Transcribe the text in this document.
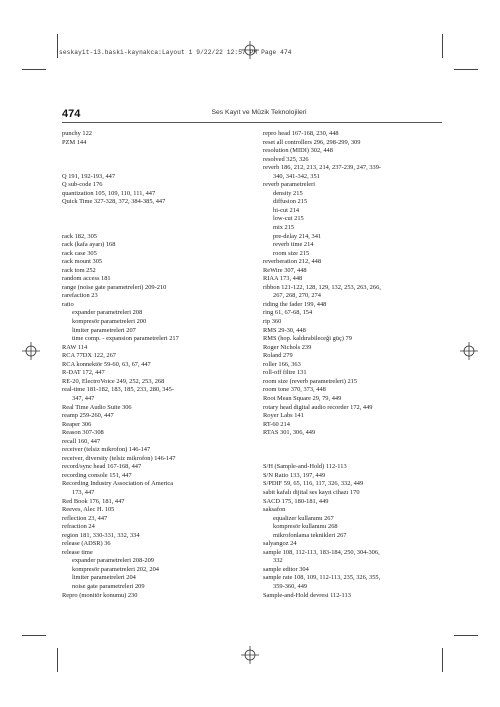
seskayit-13.baski-kaynakca:Layout 1 9/22/22 12:57 PM Page 474
474	Ses Kayıt ve Müzik Teknolojileri

punchy 122

PZM 144

Q 191, 192-193, 447

Q sub-code 176

quantization 105, 109, 110, 111, 447

Quick Time 327-328, 372, 384-385, 447

rack 182, 305

rack (kafa ayarı) 168

rack case 305

rack mount 305

rack tom 252

random access 181

range (noise gate parametreleri) 209-210

rarefaction 23

ratio

expander parametreleri 208

kompresör parametreleri 200

limiter parametreleri 207

time comp. - expansion parametreleri 217

RAW 114

RCA 77DX 122, 267

RCA konnektör 59-60, 63, 67, 447

R-DAT 172, 447

RE-20, ElectroVoice 249, 252, 253, 268

real-time 181-182, 183, 185, 233, 280, 345-

347, 447

Real Time Audio Suite 306

reamp 259-260, 447

Reaper 306

Reason 307-308

recall 160, 447

receiver (telsiz mikrofon) 146-147

receiver, diversity (telsiz mikrofon) 146-147

record/sync head 167-168, 447

recording console 151, 447

Recording Industry Association of America

173, 447

Red Book 176, 181, 447

Reeves, Alec H. 105

reflection 23, 447

refraction 24

region 181, 330-331, 332, 334

release (ADSR) 36

release time

expander parametreleri 208-209

kompresör parametreleri 202, 204

limiter parametreleri 204

noise gate parametreleri 209

Repro (monitör konumu) 230

repro head 167-168, 230, 448

reset all controllers 296, 298-299, 309

resolution (MIDI) 302, 448

resolved 325, 326

reverb 186, 212, 213, 214, 237-239, 247, 339-

340, 341-342, 351

reverb parametreleri

density 215

diffusion 215

hi-cut 214

low-cut 215

mix 215

pre-delay 214, 341

reverb time 214

room size 215

reverberation 212, 448

ReWire 307, 448

RIAA 173, 448

ribbon 121-122, 128, 129, 132, 253, 263, 266,

267, 268, 270, 274

riding the fader 199, 448

ring 61, 67-68, 154

rip 360

RMS 29-30, 448

RMS (hop. kaldırabileceği güç) 79

Roger Nichols 239

Roland 279

roller 166, 363

roll-off filtre 131

room size (reverb parametreleri) 215

room tone 370, 373, 448

Root Mean Square 29, 79, 449

rotary head digital audio recorder 172, 449

Royer Labs 141

RT-60 214

RTAS 301, 306, 449

S/H (Sample-and-Hold) 112-113

S/N Ratio 133, 197, 449

S/PDIF 59, 65, 116, 117, 326, 332, 449

sabit kafalı dijital ses kayıt cihazı 170

SACD 175, 180-181, 449

saksafon

equalizer kullanımı 267

kompresör kullanımı 268

mikrofonlama teknikleri 267

salyangoz 24

sample 108, 112-113, 183-184, 250, 304-306,

332

sample editor 304

sample rate 108, 109, 112-113, 235, 326, 355,

359-360, 449

Sample-and-Hold devresi 112-113
